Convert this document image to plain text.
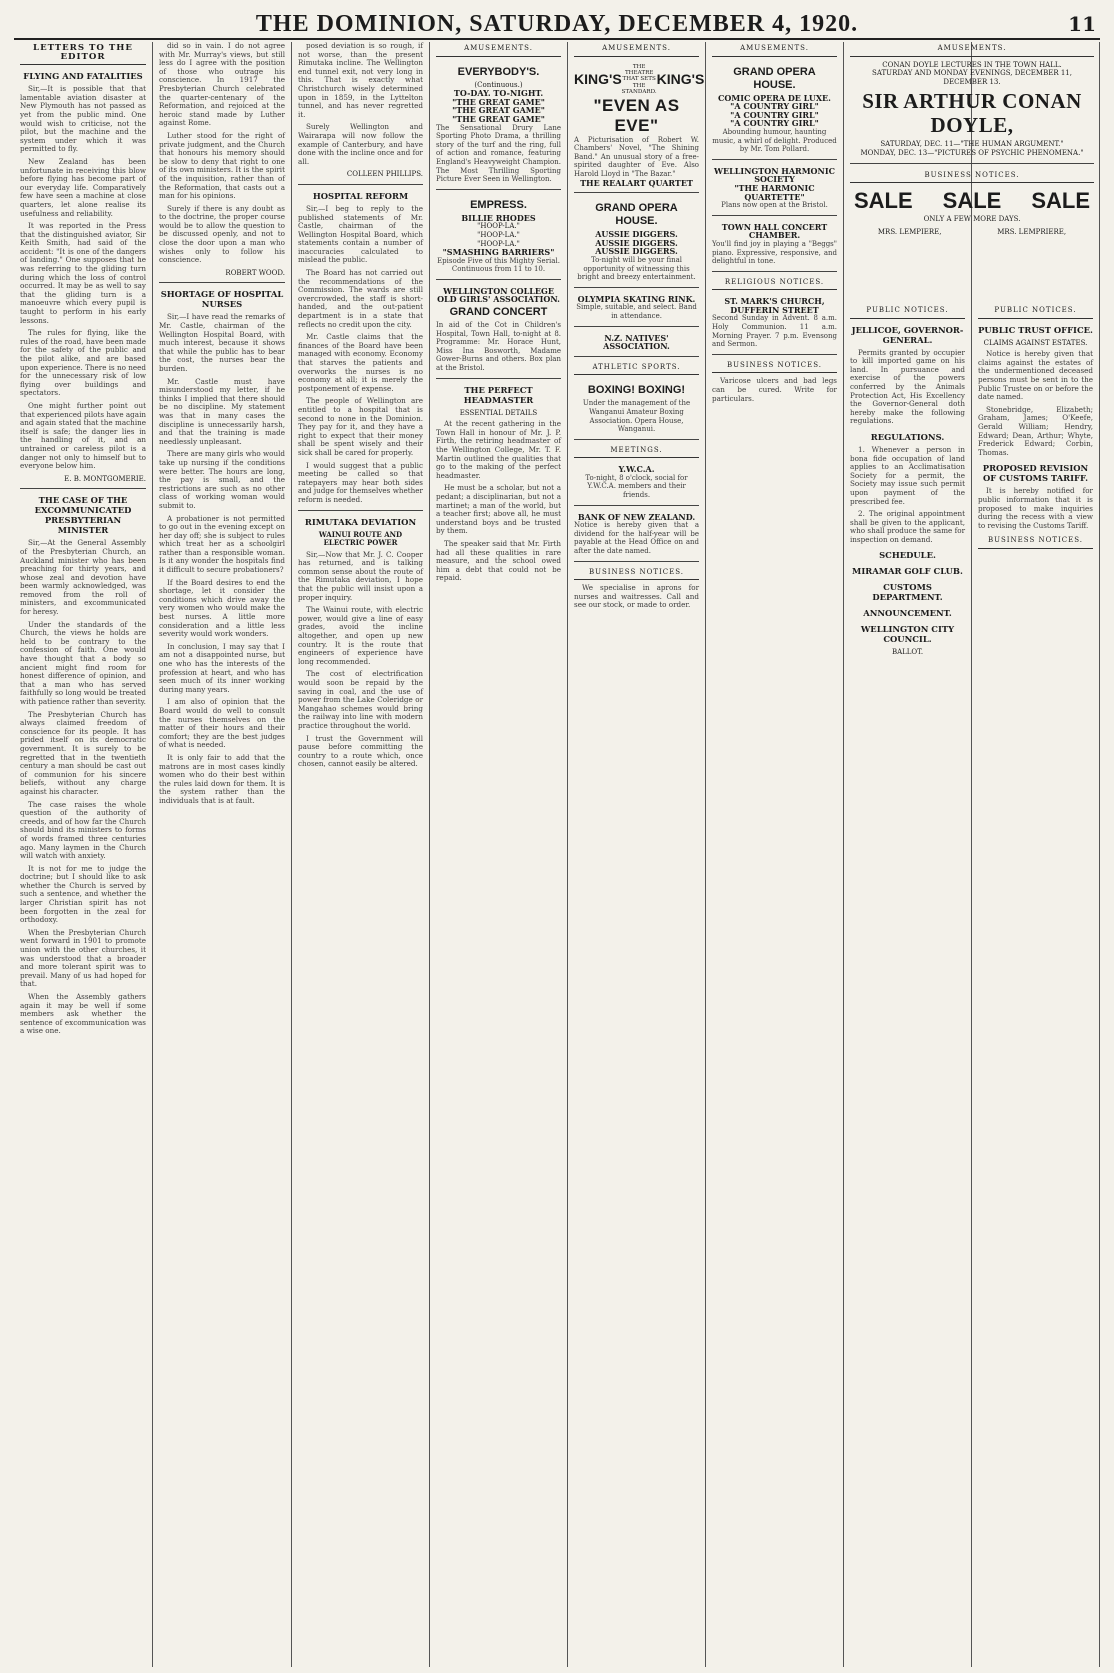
THE DOMINION, SATURDAY, DECEMBER 4, 1920.	11
LETTERS TO THE EDITOR
FLYING AND FATALITIES

Sir,—It is possible that that lamentable aviation disaster at New Plymouth has not passed as yet from the public mind. One would wish to criticise, not the pilot, but the machine and the system under which it was permitted to fly.

New Zealand has been unfortunate in receiving this blow before flying has become part of our everyday life. Comparatively few have seen a machine at close quarters, let alone realise its usefulness and reliability.

It was reported in the Press that the distinguished aviator, Sir Keith Smith, had said of the accident: "It is one of the dangers of landing." One supposes that he was referring to the gliding turn during which the loss of control occurred. It may be as well to say that the gliding turn is a manoeuvre which every pupil is taught to perform in his early lessons.

The rules for flying, like the rules of the road, have been made for the safety of the public and the pilot alike, and are based upon experience. There is no need for the unnecessary risk of low flying over buildings and spectators.

One might further point out that experienced pilots have again and again stated that the machine itself is safe; the danger lies in the handling of it, and an untrained or careless pilot is a danger not only to himself but to everyone below him.

E. B. MONTGOMERIE.
THE CASE OF THE EXCOMMUNICATED PRESBYTERIAN MINISTER

Sir,—At the General Assembly of the Presbyterian Church, an Auckland minister who has been preaching for thirty years, and whose zeal and devotion have been warmly acknowledged, was removed from the roll of ministers, and excommunicated for heresy.

Under the standards of the Church, the views he holds are held to be contrary to the confession of faith. One would have thought that a body so ancient might find room for honest difference of opinion, and that a man who has served faithfully so long would be treated with patience rather than severity.

The Presbyterian Church has always claimed freedom of conscience for its people. It has prided itself on its democratic government. It is surely to be regretted that in the twentieth century a man should be cast out of communion for his sincere beliefs, without any charge against his character.

The case raises the whole question of the authority of creeds, and of how far the Church should bind its ministers to forms of words framed three centuries ago. Many laymen in the Church will watch with anxiety.

It is not for me to judge the doctrine; but I should like to ask whether the Church is served by such a sentence, and whether the larger Christian spirit has not been forgotten in the zeal for orthodoxy.

When the Presbyterian Church went forward in 1901 to promote union with the other churches, it was understood that a broader and more tolerant spirit was to prevail. Many of us had hoped for that.

When the Assembly gathers again it may be well if some members ask whether the sentence of excommunication was a wise one.

did so in vain. I do not agree with Mr. Murray's views, but still less do I agree with the position of those who outrage his conscience. In 1917 the Presbyterian Church celebrated the quarter-centenary of the Reformation, and rejoiced at the heroic stand made by Luther against Rome.

Luther stood for the right of private judgment, and the Church that honours his memory should be slow to deny that right to one of its own ministers. It is the spirit of the inquisition, rather than of the Reformation, that casts out a man for his opinions.

Surely if there is any doubt as to the doctrine, the proper course would be to allow the question to be discussed openly, and not to close the door upon a man who wishes only to follow his conscience.

ROBERT WOOD.
SHORTAGE OF HOSPITAL NURSES

Sir,—I have read the remarks of Mr. Castle, chairman of the Wellington Hospital Board, with much interest, because it shows that while the public has to bear the cost, the nurses bear the burden.

Mr. Castle must have misunderstood my letter, if he thinks I implied that there should be no discipline. My statement was that in many cases the discipline is unnecessarily harsh, and that the training is made needlessly unpleasant.

There are many girls who would take up nursing if the conditions were better. The hours are long, the pay is small, and the restrictions are such as no other class of working woman would submit to.

A probationer is not permitted to go out in the evening except on her day off; she is subject to rules which treat her as a schoolgirl rather than a responsible woman. Is it any wonder the hospitals find it difficult to secure probationers?

If the Board desires to end the shortage, let it consider the conditions which drive away the very women who would make the best nurses. A little more consideration and a little less severity would work wonders.

In conclusion, I may say that I am not a disappointed nurse, but one who has the interests of the profession at heart, and who has seen much of its inner working during many years.

I am also of opinion that the Board would do well to consult the nurses themselves on the matter of their hours and their comfort; they are the best judges of what is needed.

It is only fair to add that the matrons are in most cases kindly women who do their best within the rules laid down for them. It is the system rather than the individuals that is at fault.

posed deviation is so rough, if not worse, than the present Rimutaka incline. The Wellington end tunnel exit, not very long in this. That is exactly what Christchurch wisely determined upon in 1859, in the Lyttelton tunnel, and has never regretted it.

Surely Wellington and Wairarapa will now follow the example of Canterbury, and have done with the incline once and for all.

COLLEEN PHILLIPS.
HOSPITAL REFORM

Sir,—I beg to reply to the published statements of Mr. Castle, chairman of the Wellington Hospital Board, which statements contain a number of inaccuracies calculated to mislead the public.

The Board has not carried out the recommendations of the Commission. The wards are still overcrowded, the staff is short-handed, and the out-patient department is in a state that reflects no credit upon the city.

Mr. Castle claims that the finances of the Board have been managed with economy. Economy that starves the patients and overworks the nurses is no economy at all; it is merely the postponement of expense.

The people of Wellington are entitled to a hospital that is second to none in the Dominion. They pay for it, and they have a right to expect that their money shall be spent wisely and their sick shall be cared for properly.

I would suggest that a public meeting be called so that ratepayers may hear both sides and judge for themselves whether reform is needed.

RIMUTAKA DEVIATION
WAINUI ROUTE AND ELECTRIC POWER

Sir,—Now that Mr. J. C. Cooper has returned, and is talking common sense about the route of the Rimutaka deviation, I hope that the public will insist upon a proper inquiry.

The Wainui route, with electric power, would give a line of easy grades, avoid the incline altogether, and open up new country. It is the route that engineers of experience have long recommended.

The cost of electrification would soon be repaid by the saving in coal, and the use of power from the Lake Coleridge or Mangahao schemes would bring the railway into line with modern practice throughout the world.

I trust the Government will pause before committing the country to a route which, once chosen, cannot easily be altered.

AMUSEMENTS.
EVERYBODY'S.
(Continuous.)
TO-DAY. TO-NIGHT.
"THE GREAT GAME"
"THE GREAT GAME"
"THE GREAT GAME"
The Sensational Drury Lane Sporting Photo Drama, a thrilling story of the turf and the ring, full of action and romance, featuring England's Heavyweight Champion. The Most Thrilling Sporting Picture Ever Seen in Wellington.
EMPRESS.
BILLIE RHODES
"HOOP-LA."
"HOOP-LA."
"HOOP-LA."
"SMASHING BARRIERS"
Episode Five of this Mighty Serial. Continuous from 11 to 10.
WELLINGTON COLLEGE OLD GIRLS' ASSOCIATION.
GRAND CONCERT
In aid of the Cot in Children's Hospital, Town Hall, to-night at 8. Programme: Mr. Horace Hunt, Miss Ina Bosworth, Madame Gower-Burns and others. Box plan at the Bristol.
THE PERFECT HEADMASTER
ESSENTIAL DETAILS

At the recent gathering in the Town Hall in honour of Mr. J. P. Firth, the retiring headmaster of the Wellington College, Mr. T. F. Martin outlined the qualities that go to the making of the perfect headmaster.

He must be a scholar, but not a pedant; a disciplinarian, but not a martinet; a man of the world, but a teacher first; above all, he must understand boys and be trusted by them.

The speaker said that Mr. Firth had all these qualities in rare measure, and the school owed him a debt that could not be repaid.

AMUSEMENTS.
KING'S
THE THEATRE THAT SETS THE STANDARD.
KING'S
"EVEN AS EVE"
A Picturisation of Robert W. Chambers' Novel, "The Shining Band." An unusual story of a free-spirited daughter of Eve. Also Harold Lloyd in "The Bazar."
THE REALART QUARTET
GRAND OPERA HOUSE.
AUSSIE DIGGERS.
AUSSIE DIGGERS.
AUSSIE DIGGERS.
To-night will be your final opportunity of witnessing this bright and breezy entertainment.
OLYMPIA SKATING RINK.
Simple, suitable, and select. Band in attendance.
N.Z. NATIVES' ASSOCIATION.
ATHLETIC SPORTS.
BOXING! BOXING!
Under the management of the Wanganui Amateur Boxing Association. Opera House, Wanganui.
MEETINGS.
Y.W.C.A.
To-night, 8 o'clock, social for Y.W.C.A. members and their friends.
BANK OF NEW ZEALAND.
Notice is hereby given that a dividend for the half-year will be payable at the Head Office on and after the date named.
BUSINESS NOTICES.

We specialise in aprons for nurses and waitresses. Call and see our stock, or made to order.

AMUSEMENTS.
GRAND OPERA HOUSE.
COMIC OPERA DE LUXE.
"A COUNTRY GIRL"
"A COUNTRY GIRL"
"A COUNTRY GIRL"
Abounding humour, haunting music, a whirl of delight. Produced by Mr. Tom Pollard.
WELLINGTON HARMONIC SOCIETY
"THE HARMONIC QUARTETTE"
Plans now open at the Bristol.
TOWN HALL CONCERT CHAMBER.
You'll find joy in playing a "Beggs" piano. Expressive, responsive, and delightful in tone.
RELIGIOUS NOTICES.
ST. MARK'S CHURCH, DUFFERIN STREET
Second Sunday in Advent. 8 a.m. Holy Communion. 11 a.m. Morning Prayer. 7 p.m. Evensong and Sermon.
BUSINESS NOTICES.

Varicose ulcers and bad legs can be cured. Write for particulars.

PUBLIC NOTICES.
JELLICOE, GOVERNOR-GENERAL.

Permits granted by occupier to kill imported game on his land. In pursuance and exercise of the powers conferred by the Animals Protection Act, His Excellency the Governor-General doth hereby make the following regulations.

REGULATIONS.

1. Whenever a person in bona fide occupation of land applies to an Acclimatisation Society for a permit, the Society may issue such permit upon payment of the prescribed fee.

2. The original appointment shall be given to the applicant, who shall produce the same for inspection on demand.

SCHEDULE.
MIRAMAR GOLF CLUB.
CUSTOMS DEPARTMENT.
ANNOUNCEMENT.
WELLINGTON CITY COUNCIL.
BALLOT.
PUBLIC NOTICES.
PUBLIC TRUST OFFICE.
CLAIMS AGAINST ESTATES.

Notice is hereby given that claims against the estates of the undermentioned deceased persons must be sent in to the Public Trustee on or before the date named.

Stonebridge, Elizabeth; Graham, James; O'Keefe, Gerald William; Hendry, Edward; Dean, Arthur; Whyte, Frederick Edward; Corbin, Thomas.

PROPOSED REVISION OF CUSTOMS TARIFF.

It is hereby notified for public information that it is proposed to make inquiries during the recess with a view to revising the Customs Tariff.

BUSINESS NOTICES.
AMUSEMENTS.
CONAN DOYLE LECTURES IN THE TOWN HALL.
SATURDAY AND MONDAY EVENINGS, DECEMBER 11, DECEMBER 13.
SIR ARTHUR CONAN DOYLE,
SATURDAY, DEC. 11—"THE HUMAN ARGUMENT."
MONDAY, DEC. 13—"PICTURES OF PSYCHIC PHENOMENA."
BUSINESS NOTICES.
SALE SALE SALE
ONLY A FEW MORE DAYS.
MRS. LEMPIERE,	MRS. LEMPRIERE,
